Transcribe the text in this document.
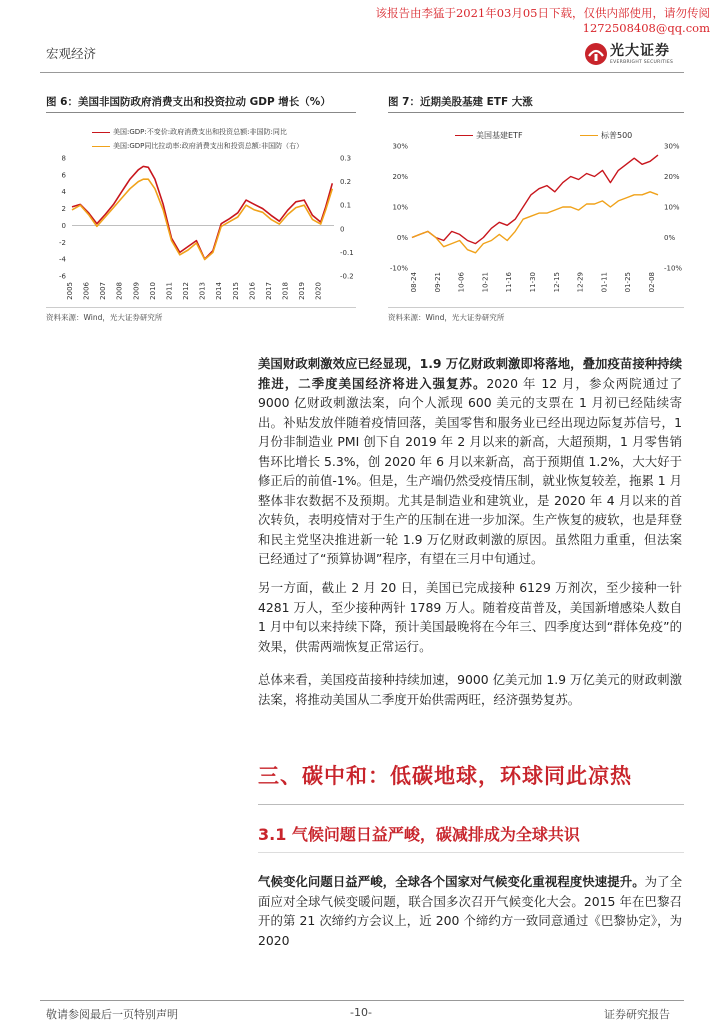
该报告由李猛于2021年03月05日下载，仅供内部使用，请勿传阅
1272508408@qq.com
宏观经济	光大证券
EVERBRIGHT SECURITIES
图 6：美国非国防政府消费支出和投资拉动 GDP 增长（%）
美国:GDP:不变价:政府消费支出和投资总额:非国防:同比
美国:GDP同比拉动率:政府消费支出和投资总额:非国防（右）
-6
-4
-2
0
2
4
6
8
-0.2
-0.1
0
0.1
0.2
0.3
2005 2006 2007 2008 2009 2010 2011 2012 2013 2014 2015 2016 2017 2018 2019 2020
资料来源：Wind，光大证券研究所
图 7：近期美股基建 ETF 大涨
美国基建ETF	标普500
-10%
0%
10%
20%
30%
-10%
0%
10%
20%
30%
08-24 09-21 10-06 10-21 11-16 11-30 12-15 12-29 01-11 01-25 02-08
资料来源：Wind，光大证券研究所
美国财政刺激效应已经显现，1.9 万亿财政刺激即将落地，叠加疫苗接种持续推进，二季度美国经济将进入强复苏。2020 年 12 月，参众两院通过了 9000 亿财政刺激法案，向个人派现 600 美元的支票在 1 月初已经陆续寄出。补贴发放伴随着疫情回落，美国零售和服务业已经出现边际复苏信号，1 月份非制造业 PMI 创下自 2019 年 2 月以来的新高，大超预期，1 月零售销售环比增长 5.3%，创 2020 年 6 月以来新高，高于预期值 1.2%，大大好于修正后的前值-1%。但是，生产端仍然受疫情压制，就业恢复较差，拖累 1 月整体非农数据不及预期。尤其是制造业和建筑业，是 2020 年 4 月以来的首次转负，表明疫情对于生产的压制在进一步加深。生产恢复的疲软，也是拜登和民主党坚决推进新一轮 1.9 万亿财政刺激的原因。虽然阻力重重，但法案已经通过了“预算协调”程序，有望在三月中旬通过。
另一方面，截止 2 月 20 日，美国已完成接种 6129 万剂次，至少接种一针 4281 万人，至少接种两针 1789 万人。随着疫苗普及，美国新增感染人数自 1 月中旬以来持续下降，预计美国最晚将在今年三、四季度达到“群体免疫”的效果，供需两端恢复正常运行。
总体来看，美国疫苗接种持续加速，9000 亿美元加 1.9 万亿美元的财政刺激法案，将推动美国从二季度开始供需两旺，经济强势复苏。
三、碳中和：低碳地球，环球同此凉热
3.1 气候问题日益严峻，碳减排成为全球共识
气候变化问题日益严峻，全球各个国家对气候变化重视程度快速提升。为了全面应对全球气候变暖问题，联合国多次召开气候变化大会。2015 年在巴黎召开的第 21 次缔约方会议上，近 200 个缔约方一致同意通过《巴黎协定》，为 2020
敬请参阅最后一页特别声明	-10-	证券研究报告
